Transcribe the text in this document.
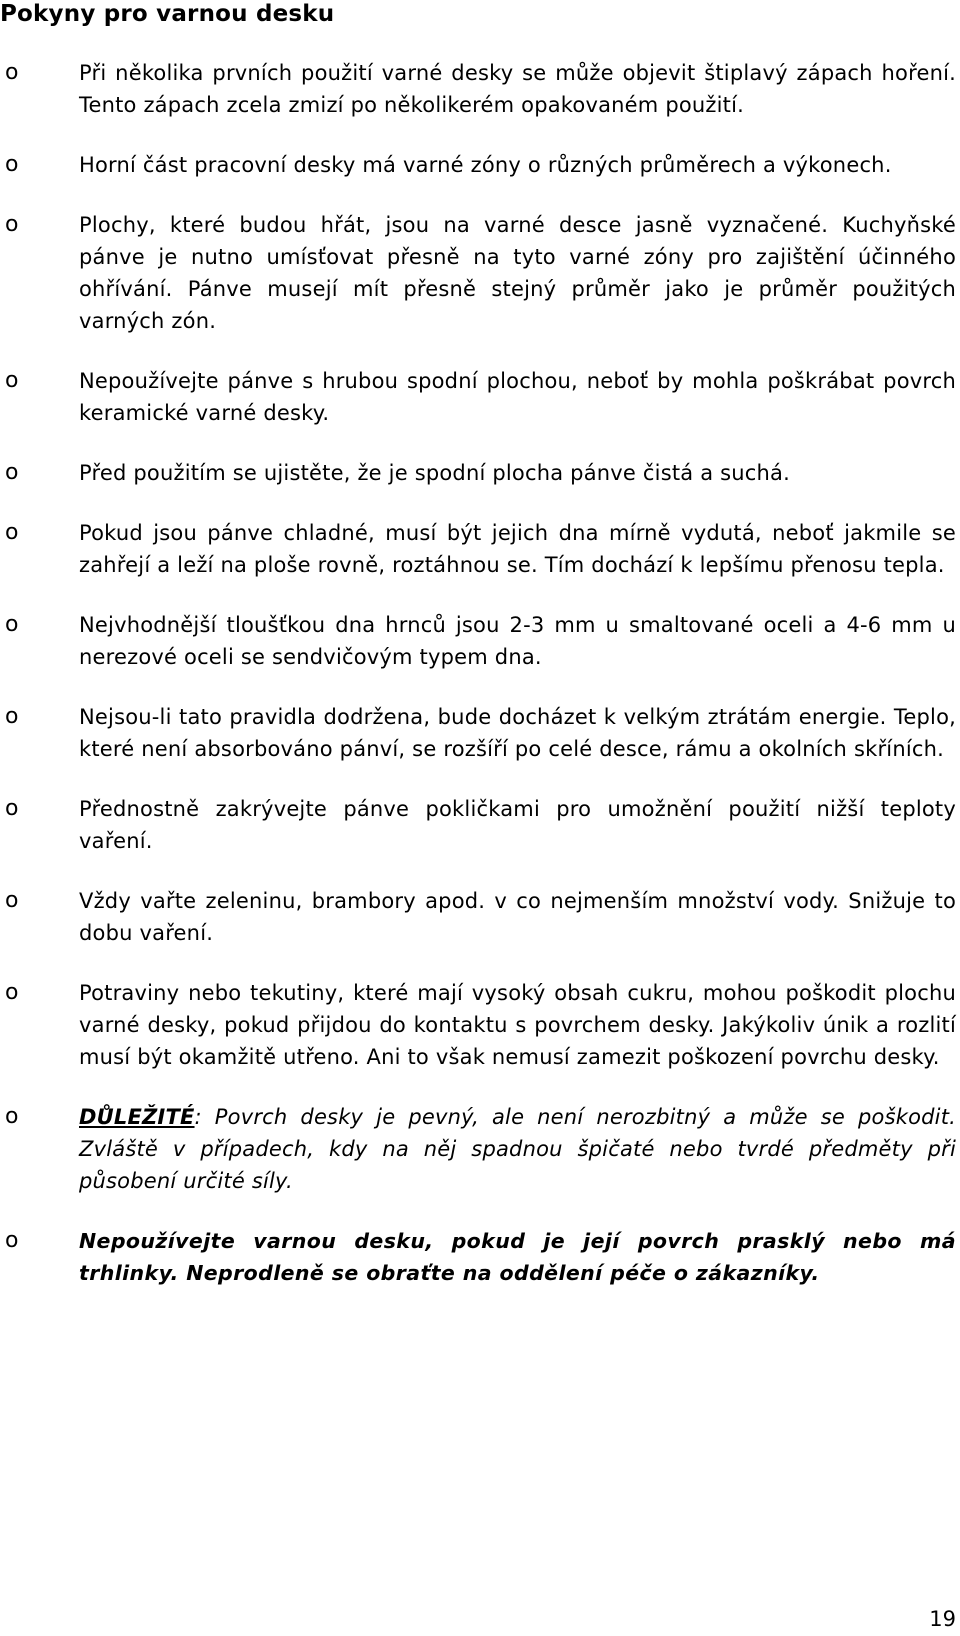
Pokyny pro varnou desku
o	Při několika prvních použití varné desky se může objevit štiplavý zápach hoření. Tento zápach zcela zmizí po několikerém opakovaném použití.
o	Horní část pracovní desky má varné zóny o různých průměrech a výkonech.
o	Plochy, které budou hřát, jsou na varné desce jasně vyznačené. Kuchyňské pánve je nutno umísťovat přesně na tyto varné zóny pro zajištění účinného ohřívání. Pánve musejí mít přesně stejný průměr jako je průměr použitých varných zón.
o	Nepoužívejte pánve s hrubou spodní plochou, neboť by mohla poškrábat povrch keramické varné desky.
o	Před použitím se ujistěte, že je spodní plocha pánve čistá a suchá.
o	Pokud jsou pánve chladné, musí být jejich dna mírně vydutá, neboť jakmile se zahřejí a leží na ploše rovně, roztáhnou se. Tím dochází k lepšímu přenosu tepla.
o	Nejvhodnější tloušťkou dna hrnců jsou 2-3 mm u smaltované oceli a 4-6 mm u nerezové oceli se sendvičovým typem dna.
o	Nejsou-li tato pravidla dodržena, bude docházet k velkým ztrátám energie. Teplo, které není absorbováno pánví, se rozšíří po celé desce, rámu a okolních skříních.
o	Přednostně zakrývejte pánve pokličkami pro umožnění použití nižší teploty vaření.
o	Vždy vařte zeleninu, brambory apod. v co nejmenším množství vody. Snižuje to dobu vaření.
o	Potraviny nebo tekutiny, které mají vysoký obsah cukru, mohou poškodit plochu varné desky, pokud přijdou do kontaktu s povrchem desky. Jakýkoliv únik a rozlití musí být okamžitě utřeno. Ani to však nemusí zamezit poškození povrchu desky.
o	DŮLEŽITÉ: Povrch desky je pevný, ale není nerozbitný a může se poškodit. Zvláště v případech, kdy na něj spadnou špičaté nebo tvrdé předměty při působení určité síly.
o	Nepoužívejte varnou desku, pokud je její povrch prasklý nebo má trhlinky. Neprodleně se obraťte na oddělení péče o zákazníky.
19
